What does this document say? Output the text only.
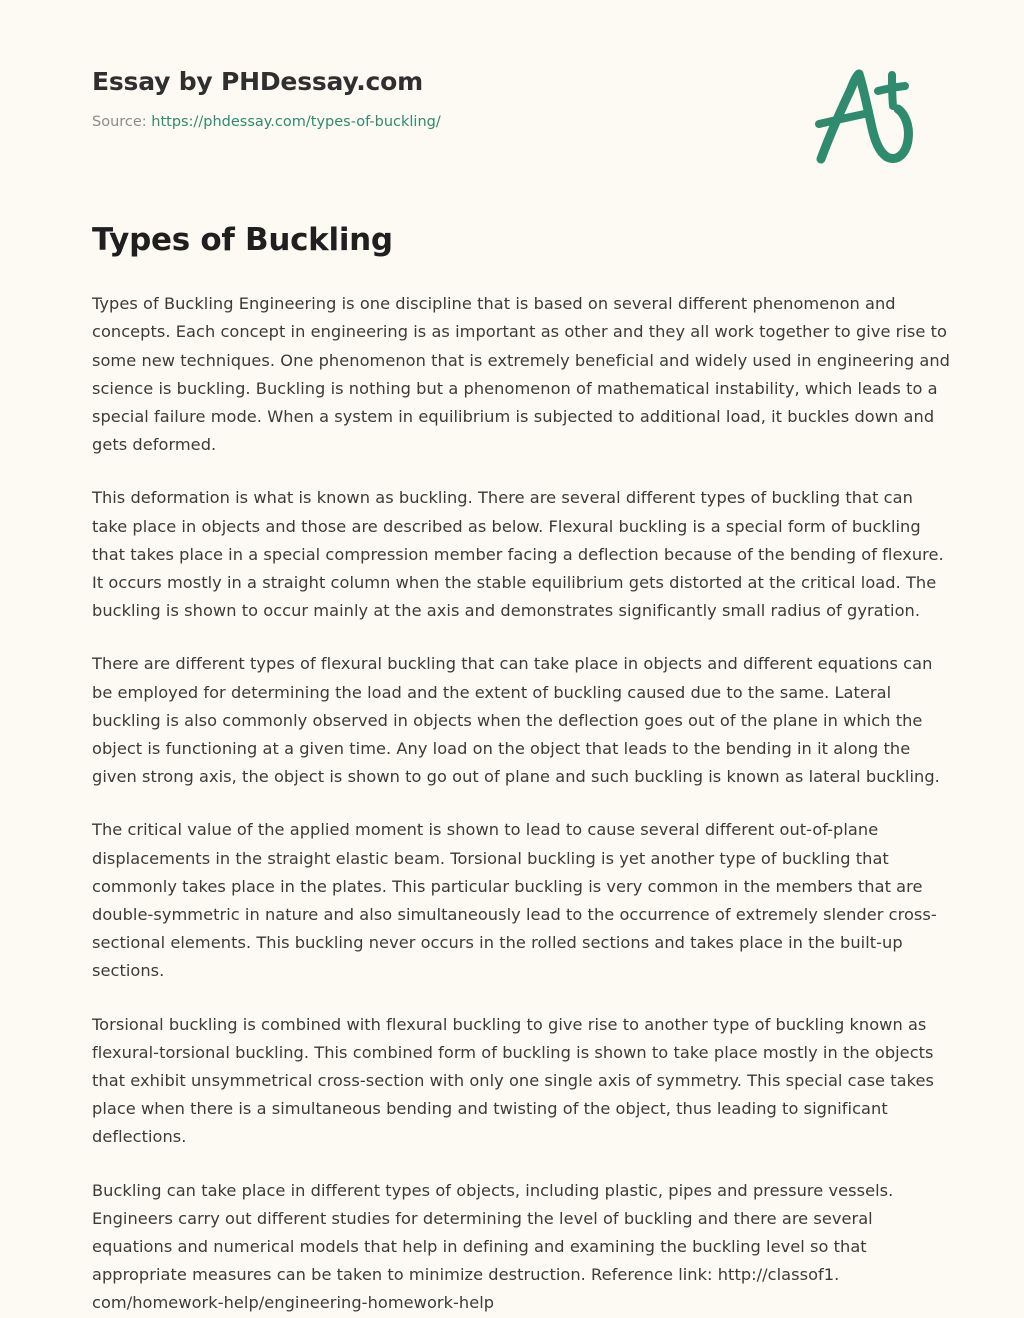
Essay by PHDessay.com
Source: https://phdessay.com/types-of-buckling/
Types of Buckling

Types of Buckling Engineering is one discipline that is based on several different phenomenon and concepts. Each concept in engineering is as important as other and they all work together to give rise to some new techniques. One phenomenon that is extremely beneficial and widely used in engineering and science is buckling. Buckling is nothing but a phenomenon of mathematical instability, which leads to a special failure mode. When a system in equilibrium is subjected to additional load, it buckles down and gets deformed.

This deformation is what is known as buckling. There are several different types of buckling that can take place in objects and those are described as below. Flexural buckling is a special form of buckling that takes place in a special compression member facing a deflection because of the bending of flexure. It occurs mostly in a straight column when the stable equilibrium gets distorted at the critical load. The buckling is shown to occur mainly at the axis and demonstrates significantly small radius of gyration.

There are different types of flexural buckling that can take place in objects and different equations can be employed for determining the load and the extent of buckling caused due to the same. Lateral buckling is also commonly observed in objects when the deflection goes out of the plane in which the object is functioning at a given time. Any load on the object that leads to the bending in it along the given strong axis, the object is shown to go out of plane and such buckling is known as lateral buckling.

The critical value of the applied moment is shown to lead to cause several different out-of-plane displacements in the straight elastic beam. Torsional buckling is yet another type of buckling that commonly takes place in the plates. This particular buckling is very common in the members that are double-symmetric in nature and also simultaneously lead to the occurrence of extremely slender cross-sectional elements. This buckling never occurs in the rolled sections and takes place in the built-up sections.

Torsional buckling is combined with flexural buckling to give rise to another type of buckling known as flexural-torsional buckling. This combined form of buckling is shown to take place mostly in the objects that exhibit unsymmetrical cross-section with only one single axis of symmetry. This special case takes place when there is a simultaneous bending and twisting of the object, thus leading to significant deflections.

Buckling can take place in different types of objects, including plastic, pipes and pressure vessels. Engineers carry out different studies for determining the level of buckling and there are several equations and numerical models that help in defining and examining the buckling level so that appropriate measures can be taken to minimize destruction. Reference link: http://classof1. com/homework-help/engineering-homework-help
